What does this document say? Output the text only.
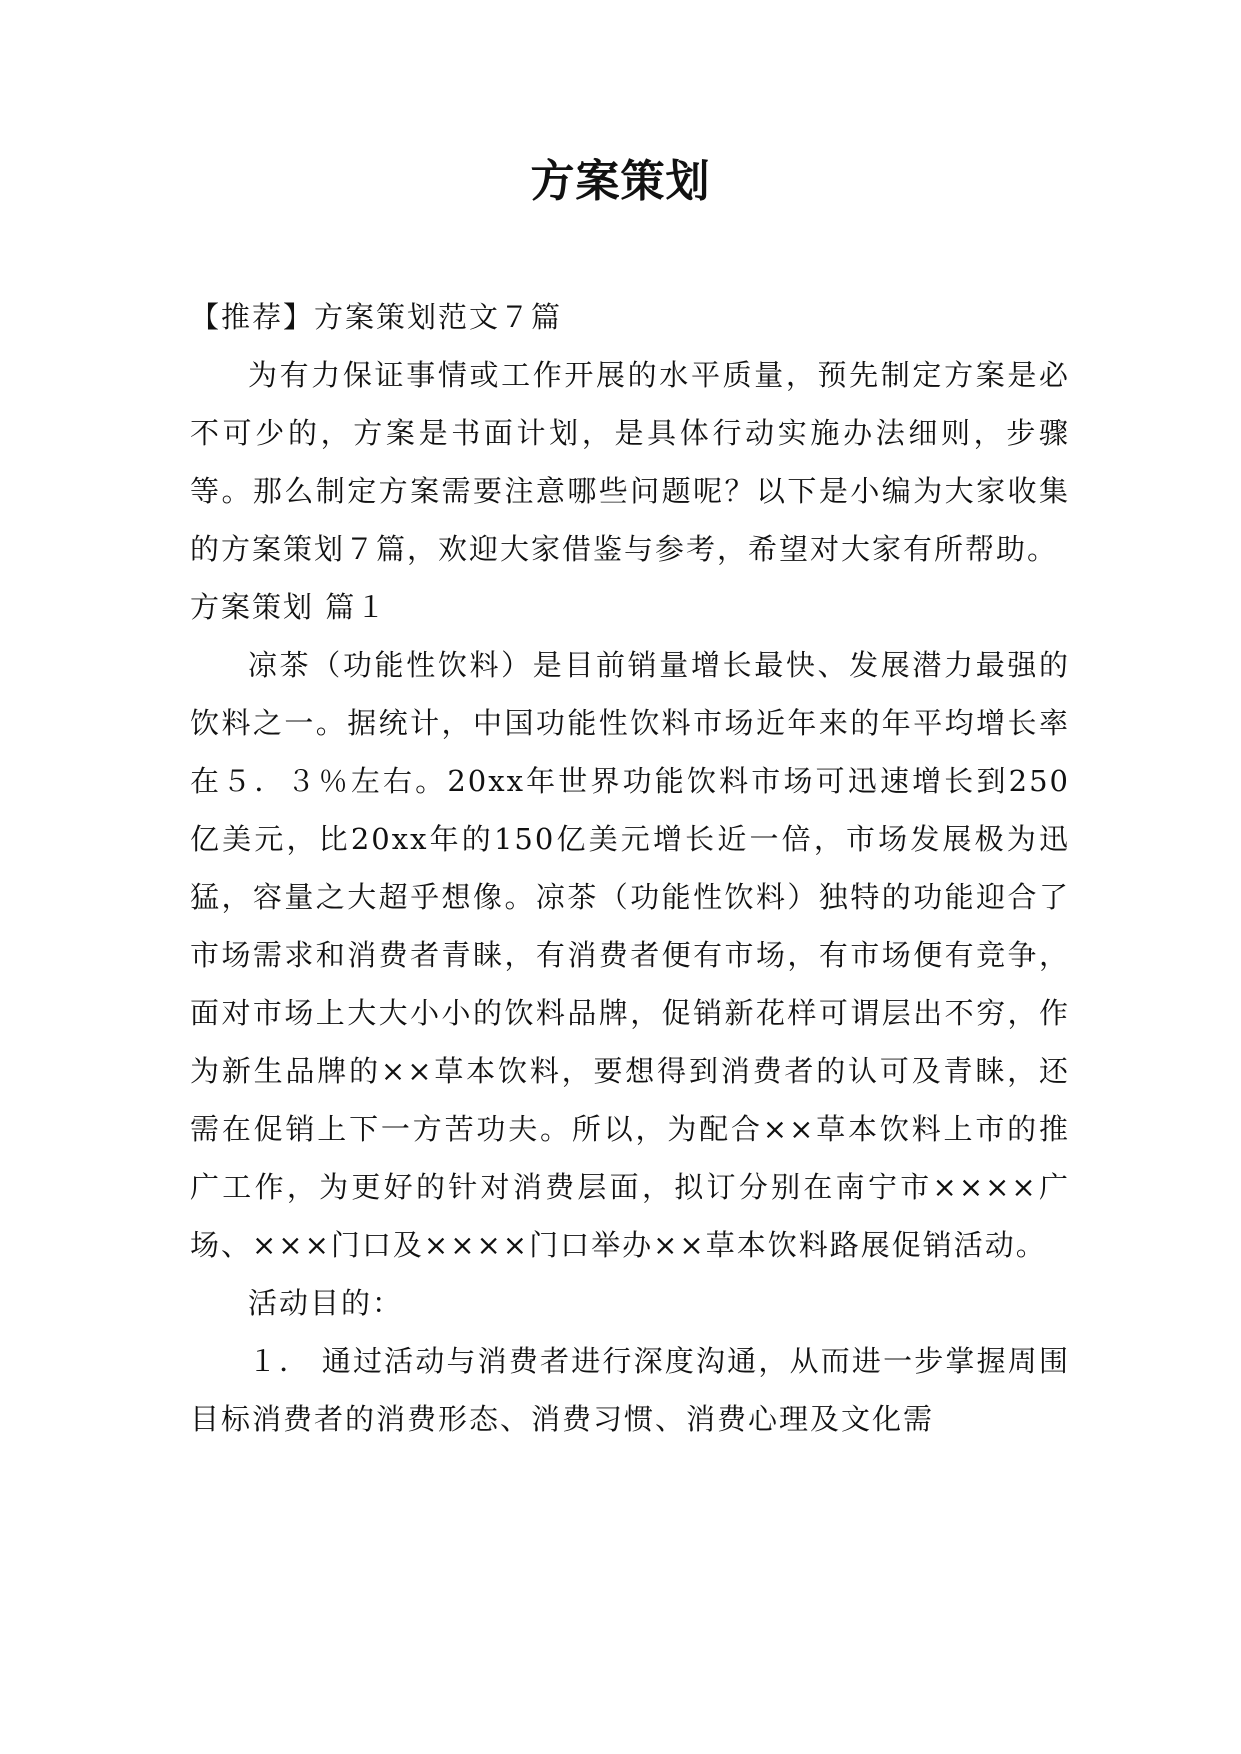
方案策划

【推荐】方案策划范文７篇

为有力保证事情或工作开展的水平质量，预先制定方案是必不可少的，方案是书面计划，是具体行动实施办法细则，步骤等。那么制定方案需要注意哪些问题呢？以下是小编为大家收集的方案策划７篇，欢迎大家借鉴与参考，希望对大家有所帮助。

方案策划 篇１

凉茶（功能性饮料）是目前销量增长最快、发展潜力最强的饮料之一。据统计，中国功能性饮料市场近年来的年平均增长率在５．３％左右。20xx年世界功能饮料市场可迅速增长到250亿美元，比20xx年的150亿美元增长近一倍，市场发展极为迅猛，容量之大超乎想像。凉茶（功能性饮料）独特的功能迎合了市场需求和消费者青睐，有消费者便有市场，有市场便有竞争，面对市场上大大小小的饮料品牌，促销新花样可谓层出不穷，作为新生品牌的××草本饮料，要想得到消费者的认可及青睐，还需在促销上下一方苦功夫。所以，为配合××草本饮料上市的推广工作，为更好的针对消费层面，拟订分别在南宁市××××广场、×××门口及××××门口举办××草本饮料路展促销活动。

活动目的：

１． 通过活动与消费者进行深度沟通，从而进一步掌握周围目标消费者的消费形态、消费习惯、消费心理及文化需
